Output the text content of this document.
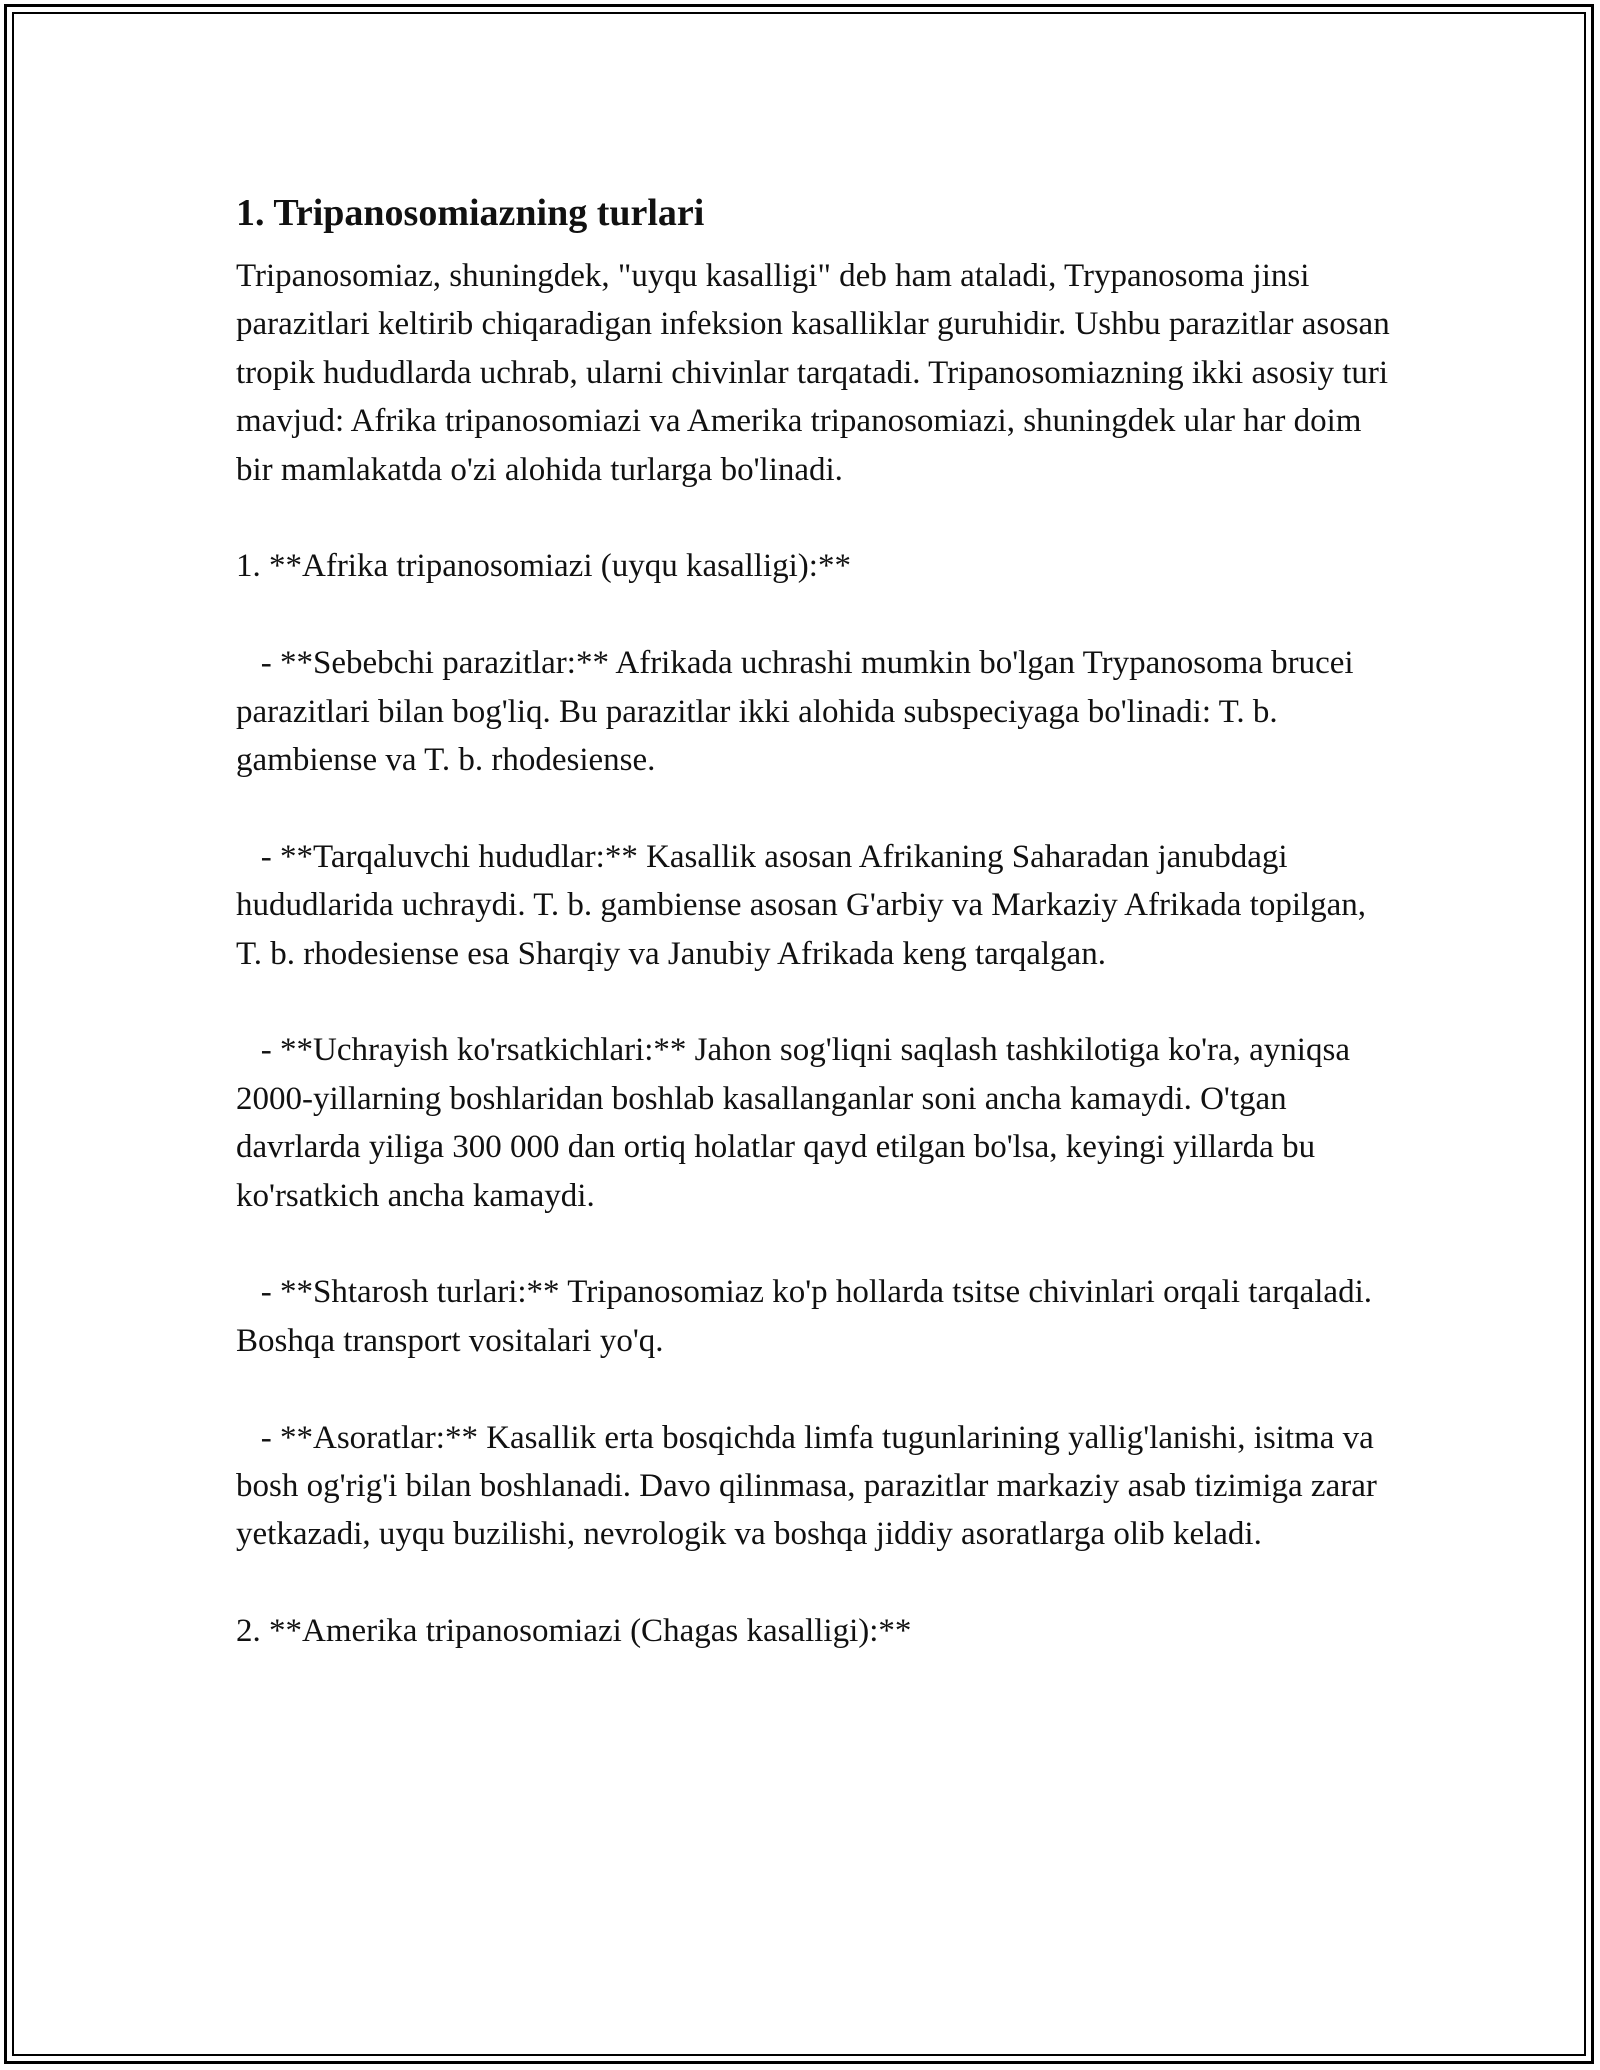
1. Tripanosomiazning turlari

Tripanosomiaz, shuningdek, "uyqu kasalligi" deb ham ataladi, Trypanosoma jinsi parazitlari keltirib chiqaradigan infeksion kasalliklar guruhidir. Ushbu parazitlar asosan tropik hududlarda uchrab, ularni chivinlar tarqatadi. Tripanosomiazning ikki asosiy turi mavjud: Afrika tripanosomiazi va Amerika tripanosomiazi, shuningdek ular har doim bir mamlakatda o'zi alohida turlarga bo'linadi.

1. **Afrika tripanosomiazi (uyqu kasalligi):**

- **Sebebchi parazitlar:** Afrikada uchrashi mumkin bo'lgan Trypanosoma brucei parazitlari bilan bog'liq. Bu parazitlar ikki alohida subspeciyaga bo'linadi: T. b. gambiense va T. b. rhodesiense.

- **Tarqaluvchi hududlar:** Kasallik asosan Afrikaning Saharadan janubdagi hududlarida uchraydi. T. b. gambiense asosan G'arbiy va Markaziy Afrikada topilgan, T. b. rhodesiense esa Sharqiy va Janubiy Afrikada keng tarqalgan.

- **Uchrayish ko'rsatkichlari:** Jahon sog'liqni saqlash tashkilotiga ko'ra, ayniqsa 2000-yillarning boshlaridan boshlab kasallanganlar soni ancha kamaydi. O'tgan davrlarda yiliga 300 000 dan ortiq holatlar qayd etilgan bo'lsa, keyingi yillarda bu ko'rsatkich ancha kamaydi.

- **Shtarosh turlari:** Tripanosomiaz ko'p hollarda tsitse chivinlari orqali tarqaladi. Boshqa transport vositalari yo'q.

- **Asoratlar:** Kasallik erta bosqichda limfa tugunlarining yallig'lanishi, isitma va bosh og'rig'i bilan boshlanadi. Davo qilinmasa, parazitlar markaziy asab tizimiga zarar yetkazadi, uyqu buzilishi, nevrologik va boshqa jiddiy asoratlarga olib keladi.

2. **Amerika tripanosomiazi (Chagas kasalligi):**
